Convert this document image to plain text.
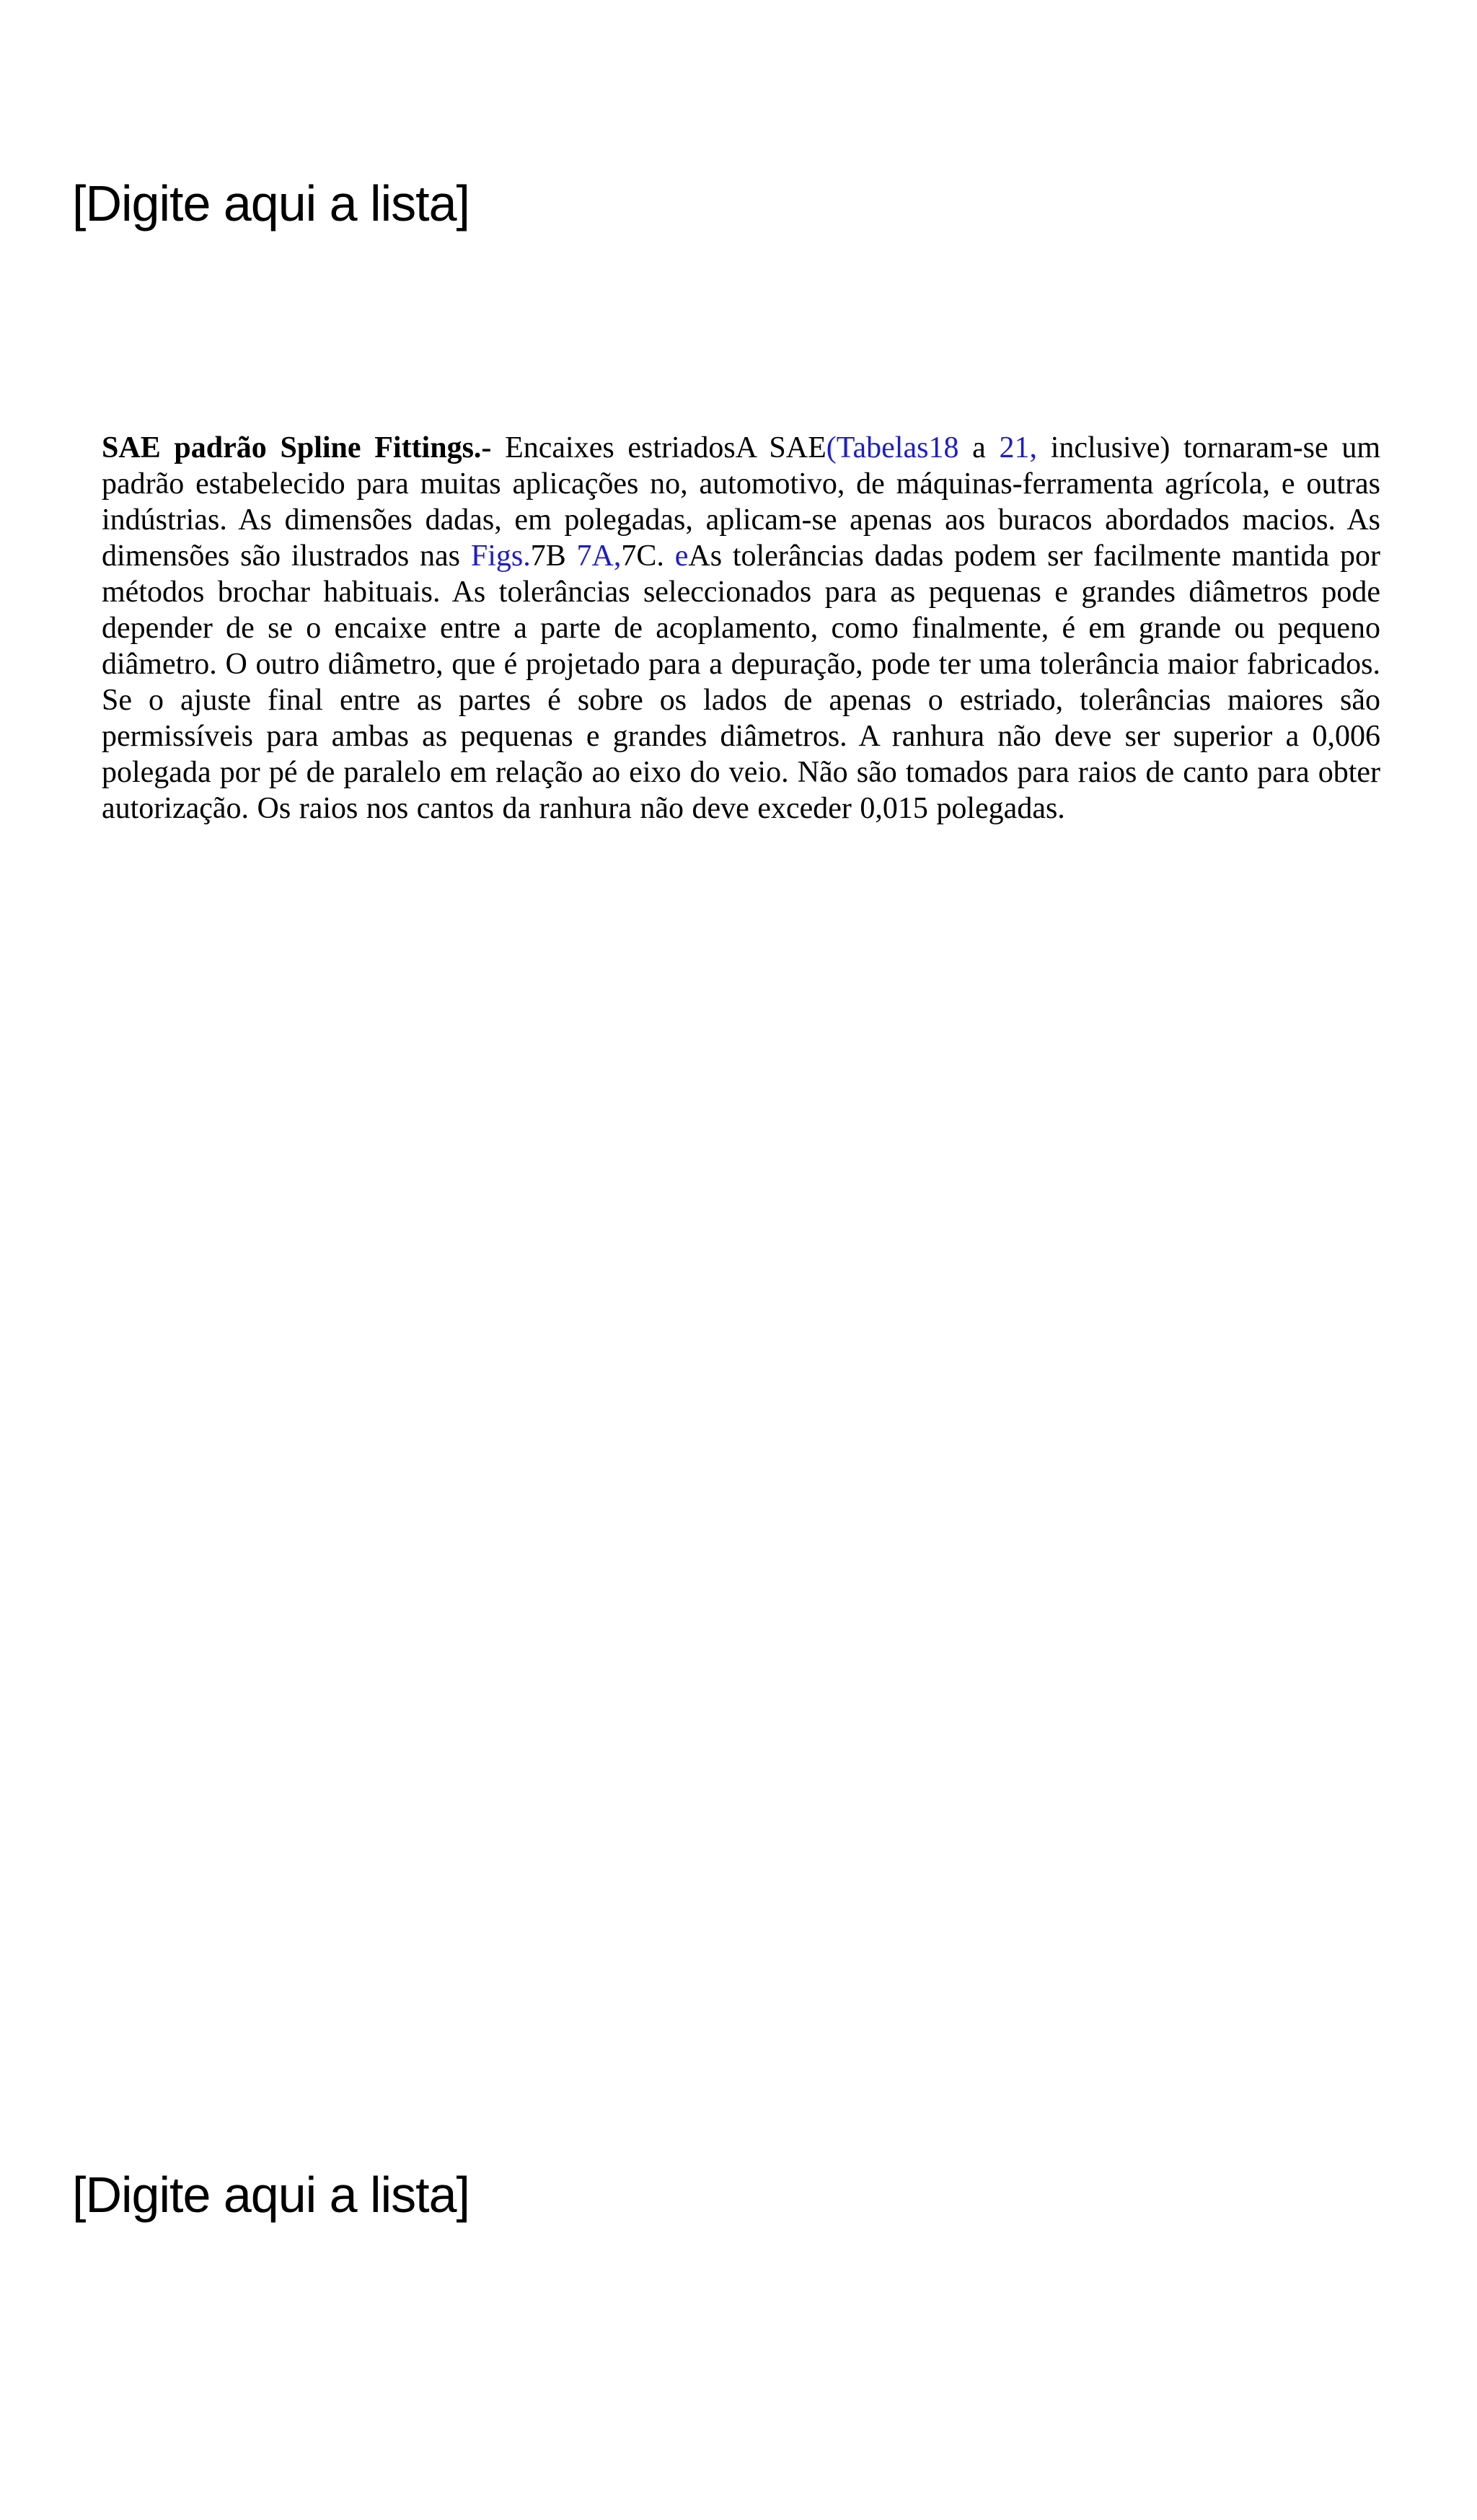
[Digite aqui a lista]
SAE padrão Spline Fittings.- Encaixes estriadosA SAE(Tabelas18 a 21, inclusive) tornaram-se um padrão estabelecido para muitas aplicações no, automotivo, de máquinas-ferramenta agrícola, e outras indústrias. As dimensões dadas, em polegadas, aplicam-se apenas aos buracos abordados macios. As dimensões são ilustrados nas Figs.7B 7A,7C. eAs tolerâncias dadas podem ser facilmente mantida por métodos brochar habituais. As tolerâncias seleccionados para as pequenas e grandes diâmetros pode depender de se o encaixe entre a parte de acoplamento, como finalmente, é em grande ou pequeno diâmetro. O outro diâmetro, que é projetado para a depuração, pode ter uma tolerância maior fabricados. Se o ajuste final entre as partes é sobre os lados de apenas o estriado, tolerâncias maiores são permissíveis para ambas as pequenas e grandes diâmetros. A ranhura não deve ser superior a 0,006 polegada por pé de paralelo em relação ao eixo do veio. Não são tomados para raios de canto para obter autorização. Os raios nos cantos da ranhura não deve exceder 0,015 polegadas.
[Digite aqui a lista]
